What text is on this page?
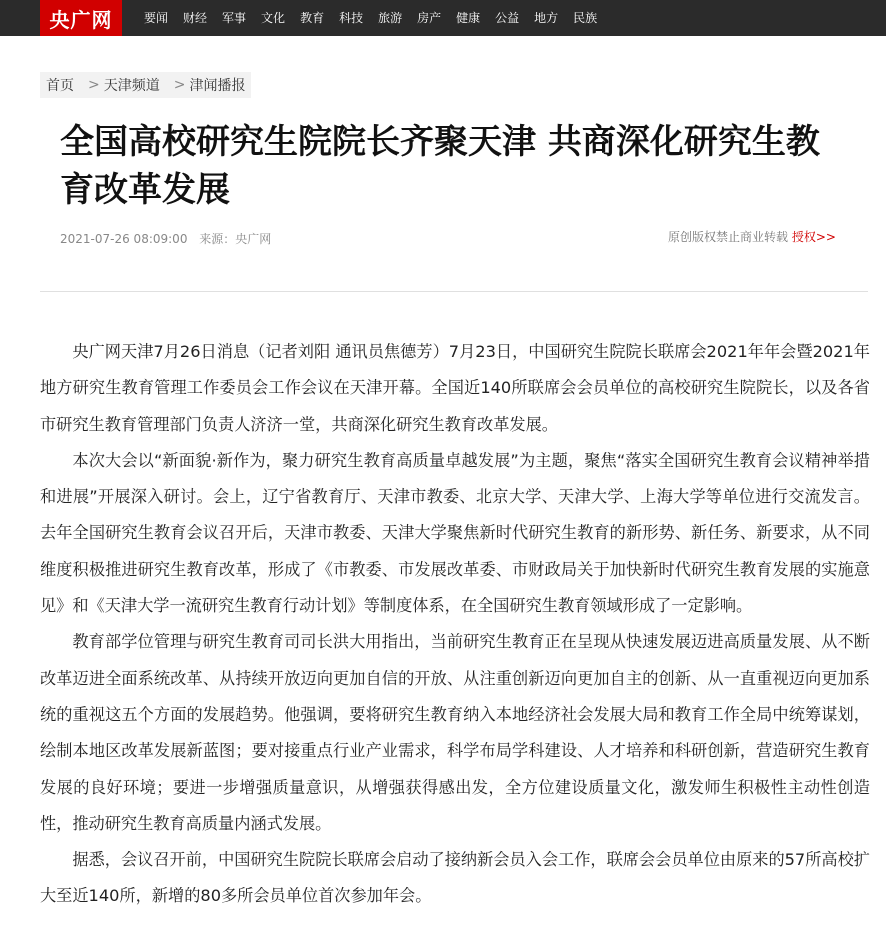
央广网	要闻	财经	军事	文化	教育	科技	旅游	房产	健康	公益	地方	民族
首页 > 天津频道 > 津闻播报
全国高校研究生院院长齐聚天津 共商深化研究生教育改革发展
2021-07-26 08:09:00 来源：央广网	原创版权禁止商业转载 授权>>

央广网天津7月26日消息（记者刘阳 通讯员焦德芳）7月23日，中国研究生院院长联席会2021年年会暨2021年地方研究生教育管理工作委员会工作会议在天津开幕。全国近140所联席会会员单位的高校研究生院院长，以及各省市研究生教育管理部门负责人济济一堂，共商深化研究生教育改革发展。

本次大会以“新面貌·新作为，聚力研究生教育高质量卓越发展”为主题，聚焦“落实全国研究生教育会议精神举措和进展”开展深入研讨。会上，辽宁省教育厅、天津市教委、北京大学、天津大学、上海大学等单位进行交流发言。去年全国研究生教育会议召开后，天津市教委、天津大学聚焦新时代研究生教育的新形势、新任务、新要求，从不同维度积极推进研究生教育改革，形成了《市教委、市发展改革委、市财政局关于加快新时代研究生教育发展的实施意见》和《天津大学一流研究生教育行动计划》等制度体系，在全国研究生教育领域形成了一定影响。

教育部学位管理与研究生教育司司长洪大用指出，当前研究生教育正在呈现从快速发展迈进高质量发展、从不断改革迈进全面系统改革、从持续开放迈向更加自信的开放、从注重创新迈向更加自主的创新、从一直重视迈向更加系统的重视这五个方面的发展趋势。他强调，要将研究生教育纳入本地经济社会发展大局和教育工作全局中统筹谋划，绘制本地区改革发展新蓝图；要对接重点行业产业需求，科学布局学科建设、人才培养和科研创新，营造研究生教育发展的良好环境；要进一步增强质量意识，从增强获得感出发，全方位建设质量文化，激发师生积极性主动性创造性，推动研究生教育高质量内涵式发展。

据悉，会议召开前，中国研究生院院长联席会启动了接纳新会员入会工作，联席会会员单位由原来的57所高校扩大至近140所，新增的80多所会员单位首次参加年会。
